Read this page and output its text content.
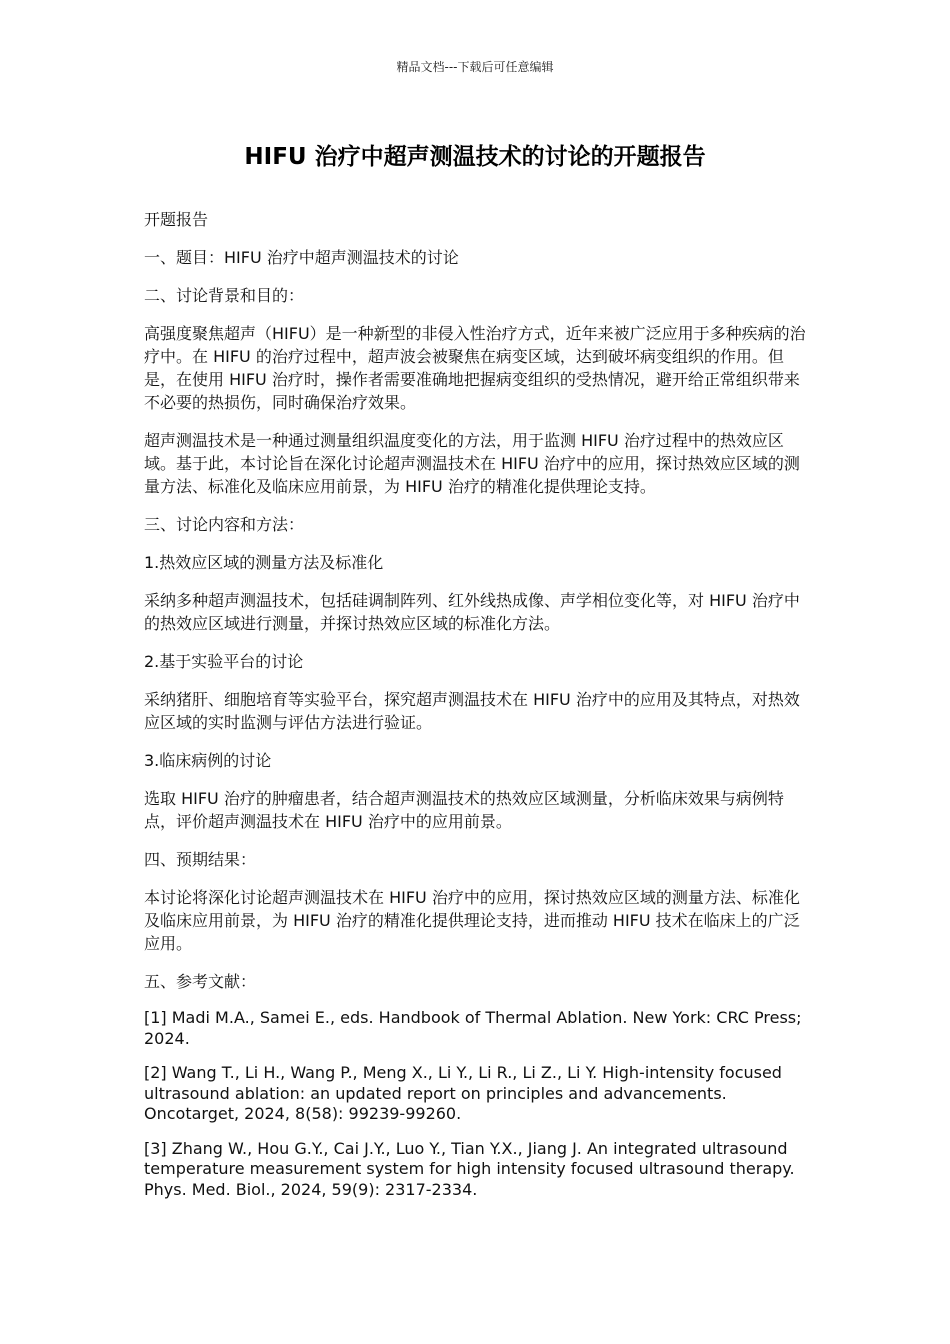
精品文档---下载后可任意编辑
HIFU 治疗中超声测温技术的讨论的开题报告

开题报告

一、题目：HIFU 治疗中超声测温技术的讨论

二、讨论背景和目的：

高强度聚焦超声（HIFU）是一种新型的非侵入性治疗方式，近年来被广泛应用于多种疾病的治疗中。在 HIFU 的治疗过程中，超声波会被聚焦在病变区域，达到破坏病变组织的作用。但是，在使用 HIFU 治疗时，操作者需要准确地把握病变组织的受热情况，避开给正常组织带来不必要的热损伤，同时确保治疗效果。

超声测温技术是一种通过测量组织温度变化的方法，用于监测 HIFU 治疗过程中的热效应区域。基于此，本讨论旨在深化讨论超声测温技术在 HIFU 治疗中的应用，探讨热效应区域的测量方法、标准化及临床应用前景，为 HIFU 治疗的精准化提供理论支持。

三、讨论内容和方法：

1.热效应区域的测量方法及标准化

采纳多种超声测温技术，包括硅调制阵列、红外线热成像、声学相位变化等，对 HIFU 治疗中的热效应区域进行测量，并探讨热效应区域的标准化方法。

2.基于实验平台的讨论

采纳猪肝、细胞培育等实验平台，探究超声测温技术在 HIFU 治疗中的应用及其特点，对热效应区域的实时监测与评估方法进行验证。

3.临床病例的讨论

选取 HIFU 治疗的肿瘤患者，结合超声测温技术的热效应区域测量，分析临床效果与病例特点，评价超声测温技术在 HIFU 治疗中的应用前景。

四、预期结果：

本讨论将深化讨论超声测温技术在 HIFU 治疗中的应用，探讨热效应区域的测量方法、标准化及临床应用前景，为 HIFU 治疗的精准化提供理论支持，进而推动 HIFU 技术在临床上的广泛应用。

五、参考文献：

[1] Madi M.A., Samei E., eds. Handbook of Thermal Ablation. New York: CRC Press; 2024.

[2] Wang T., Li H., Wang P., Meng X., Li Y., Li R., Li Z., Li Y. High-intensity focused ultrasound ablation: an updated report on principles and advancements. Oncotarget, 2024, 8(58): 99239-99260.

[3] Zhang W., Hou G.Y., Cai J.Y., Luo Y., Tian Y.X., Jiang J. An integrated ultrasound temperature measurement system for high intensity focused ultrasound therapy. Phys. Med. Biol., 2024, 59(9): 2317-2334.
